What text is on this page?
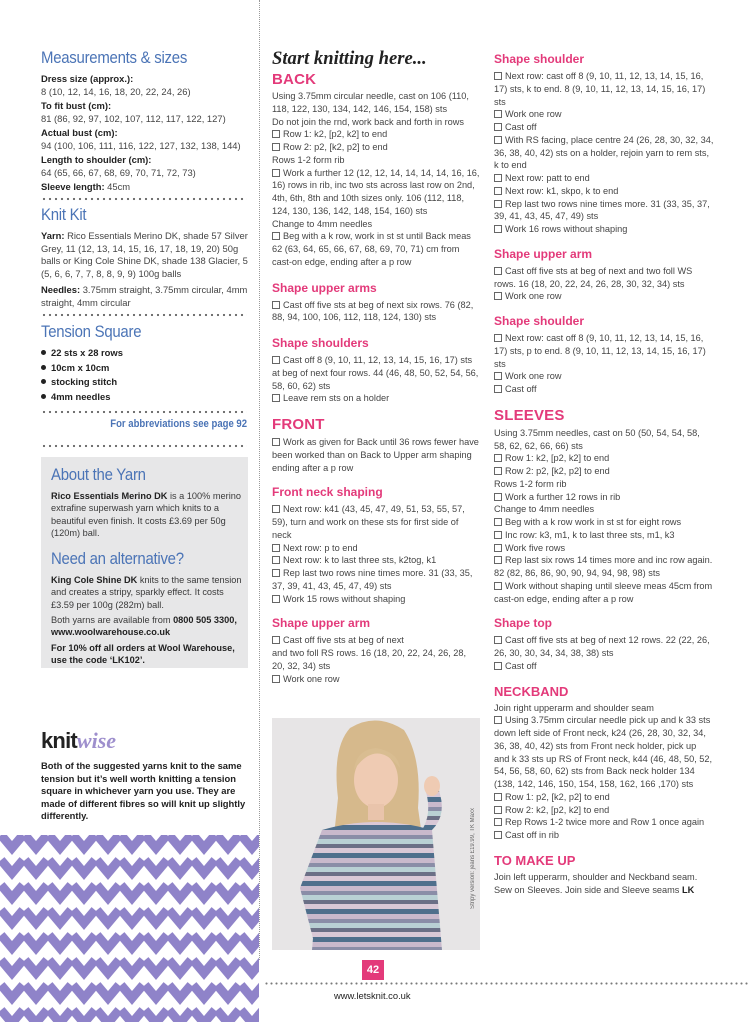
Measurements & sizes
Dress size (approx.):
8 (10, 12, 14, 16, 18, 20, 22, 24, 26)
To fit bust (cm):
81 (86, 92, 97, 102, 107, 112, 117, 122, 127)
Actual bust (cm):
94 (100, 106, 111, 116, 122, 127, 132, 138, 144)
Length to shoulder (cm):
64 (65, 66, 67, 68, 69, 70, 71, 72, 73)
Sleeve length: 45cm
Knit Kit
Yarn: Rico Essentials Merino DK, shade 57 Silver Grey, 11 (12, 13, 14, 15, 16, 17, 18, 19, 20) 50g balls or King Cole Shine DK, shade 138 Glacier, 5 (5, 6, 6, 7, 7, 8, 8, 9, 9) 100g balls
Needles: 3.75mm straight, 3.75mm circular, 4mm straight, 4mm circular
Tension Square
22 sts x 28 rows
10cm x 10cm
stocking stitch
4mm needles
For abbreviations see page 92
About the Yarn
Rico Essentials Merino DK is a 100% merino extrafine superwash yarn which knits to a beautiful even finish. It costs £3.69 per 50g (120m) ball.
Need an alternative?
King Cole Shine DK knits to the same tension and creates a stripy, sparkly effect. It costs £3.59 per 100g (282m) ball.
Both yarns are available from 0800 505 3300, www.woolwarehouse.co.uk
For 10% off all orders at Wool Warehouse, use the code ‘LK102’.
knitwise
Both of the suggested yarns knit to the same tension but it’s well worth knitting a tension square in whichever yarn you use. They are made of different fibres so will knit up slightly differently.
Start knitting here...
BACK
Using 3.75mm circular needle, cast on 106 (110, 118, 122, 130, 134, 142, 146, 154, 158) sts
Do not join the rnd, work back and forth in rows
Row 1: k2, [p2, k2] to end
Row 2: p2, [k2, p2] to end
Rows 1-2 form rib
Work a further 12 (12, 12, 14, 14, 14, 14, 16, 16, 16) rows in rib, inc two sts across last row on 2nd, 4th, 6th, 8th and 10th sizes only. 106 (112, 118, 124, 130, 136, 142, 148, 154, 160) sts
Change to 4mm needles
Beg with a k row, work in st st until Back meas 62 (63, 64, 65, 66, 67, 68, 69, 70, 71) cm from cast-on edge, ending after a p row
Shape upper arms
Cast off five sts at beg of next six rows. 76 (82, 88, 94, 100, 106, 112, 118, 124, 130) sts
Shape shoulders
Cast off 8 (9, 10, 11, 12, 13, 14, 15, 16, 17) sts at beg of next four rows. 44 (46, 48, 50, 52, 54, 56, 58, 60, 62) sts
Leave rem sts on a holder
FRONT
Work as given for Back until 36 rows fewer have been worked than on Back to Upper arm shaping ending after a p row
Front neck shaping
Next row: k41 (43, 45, 47, 49, 51, 53, 55, 57, 59), turn and work on these sts for first side of neck
Next row: p to end
Next row: k to last three sts, k2tog, k1
Rep last two rows nine times more. 31 (33, 35, 37, 39, 41, 43, 45, 47, 49) sts
Work 15 rows without shaping
Shape upper arm
Cast off five sts at beg of next
and two foll RS rows. 16 (18, 20, 22, 24, 26, 28, 20, 32, 34) sts
Work one row
Stripy version: jeans £19.99, TK Maxx
Shape shoulder
Next row: cast off 8 (9, 10, 11, 12, 13, 14, 15, 16, 17) sts, k to end. 8 (9, 10, 11, 12, 13, 14, 15, 16, 17) sts
Work one row
Cast off
With RS facing, place centre 24 (26, 28, 30, 32, 34, 36, 38, 40, 42) sts on a holder, rejoin yarn to rem sts, k to end
Next row: patt to end
Next row: k1, skpo, k to end
Rep last two rows nine times more. 31 (33, 35, 37, 39, 41, 43, 45, 47, 49) sts
Work 16 rows without shaping
Shape upper arm
Cast off five sts at beg of next and two foll WS rows. 16 (18, 20, 22, 24, 26, 28, 30, 32, 34) sts
Work one row
Shape shoulder
Next row: cast off 8 (9, 10, 11, 12, 13, 14, 15, 16, 17) sts, p to end. 8 (9, 10, 11, 12, 13, 14, 15, 16, 17) sts
Work one row
Cast off
SLEEVES
Using 3.75mm needles, cast on 50 (50, 54, 54, 58, 58, 62, 62, 66, 66) sts
Row 1: k2, [p2, k2] to end
Row 2: p2, [k2, p2] to end
Rows 1-2 form rib
Work a further 12 rows in rib
Change to 4mm needles
Beg with a k row work in st st for eight rows
Inc row: k3, m1, k to last three sts, m1, k3
Work five rows
Rep last six rows 14 times more and inc row again. 82 (82, 86, 86, 90, 90, 94, 94, 98, 98) sts
Work without shaping until sleeve meas 45cm from cast-on edge, ending after a p row
Shape top
Cast off five sts at beg of next 12 rows. 22 (22, 26, 26, 30, 30, 34, 34, 38, 38) sts
Cast off
NECKBAND
Join right upperarm and shoulder seam
Using 3.75mm circular needle pick up and k 33 sts down left side of Front neck, k24 (26, 28, 30, 32, 34, 36, 38, 40, 42) sts from Front neck holder, pick up and k 33 sts up RS of Front neck, k44 (46, 48, 50, 52, 54, 56, 58, 60, 62) sts from Back neck holder 134 (138, 142, 146, 150, 154, 158, 162, 166 ,170) sts
Row 1: p2, [k2, p2] to end
Row 2: k2, [p2, k2] to end
Rep Rows 1-2 twice more and Row 1 once again
Cast off in rib
TO MAKE UP
Join left upperarm, shoulder and Neckband seam. Sew on Sleeves. Join side and Sleeve seams LK
42
www.letsknit.co.uk
